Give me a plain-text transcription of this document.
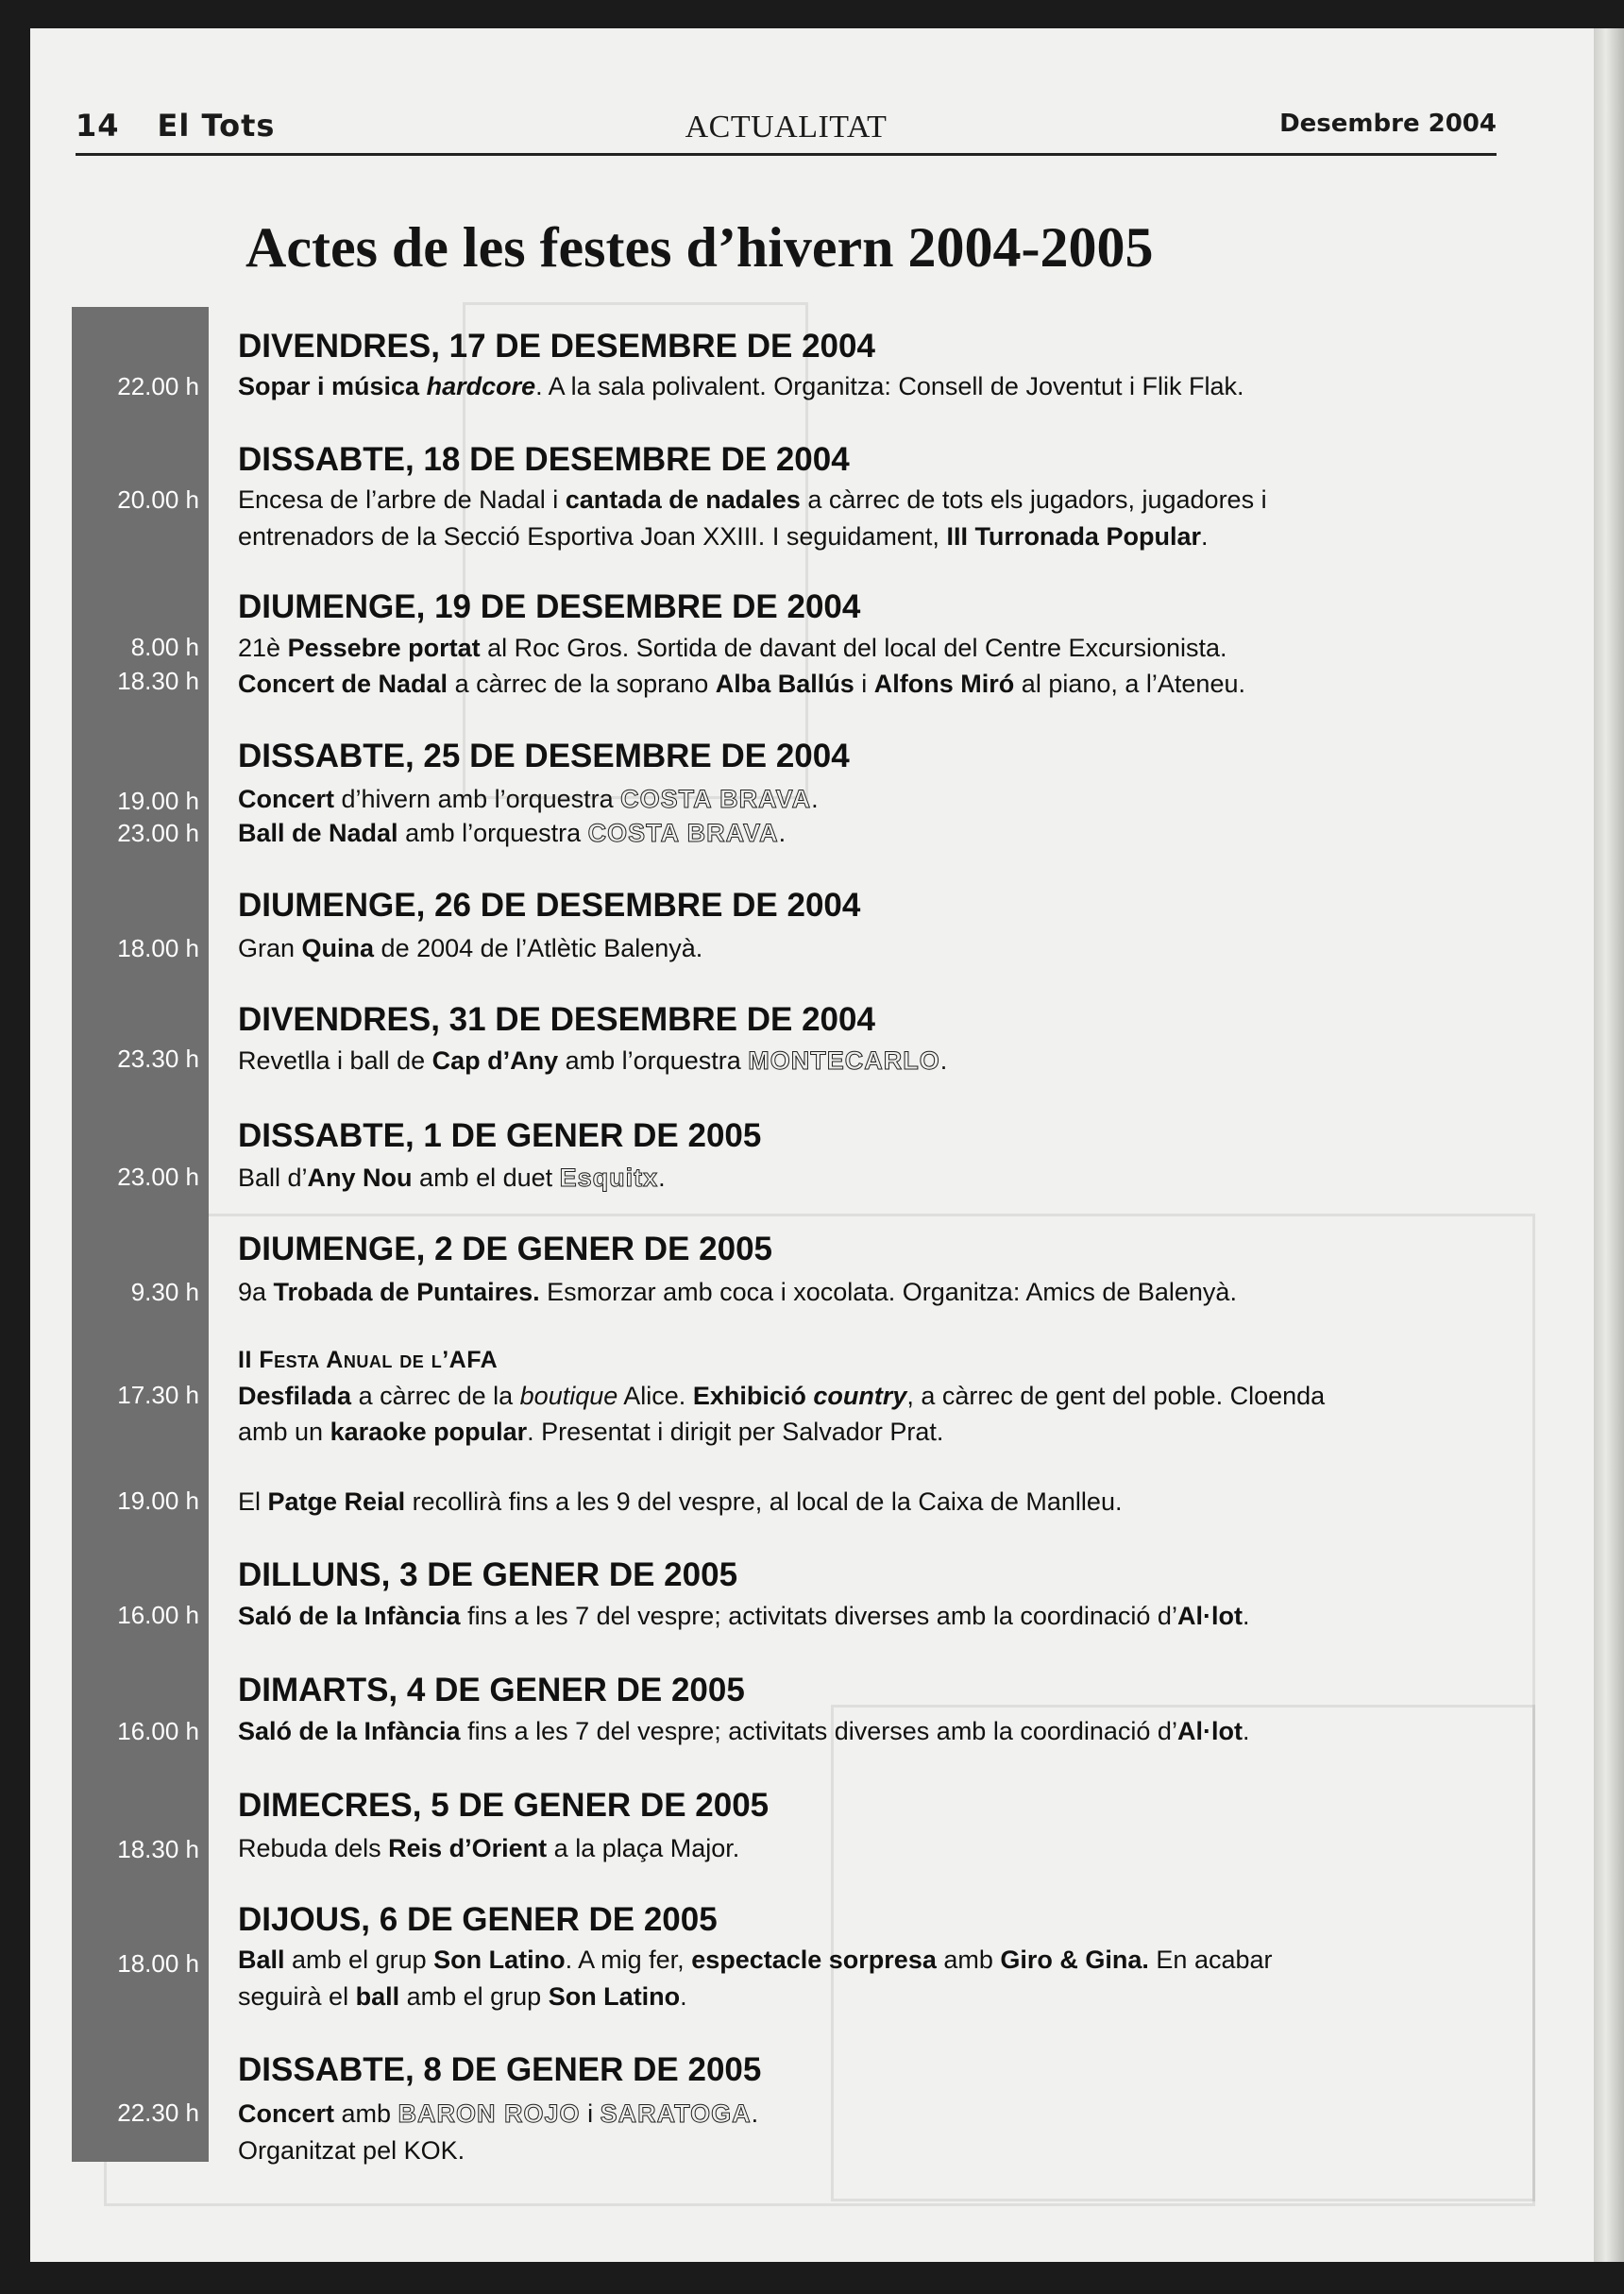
14 El Tots	ACTUALITAT	Desembre 2004
Actes de les festes d’hivern 2004-2005
DIVENDRES, 17 DE DESEMBRE DE 2004
22.00 h Sopar i música hardcore. A la sala polivalent. Organitza: Consell de Joventut i Flik Flak.
DISSABTE, 18 DE DESEMBRE DE 2004
20.00 h Encesa de l’arbre de Nadal i cantada de nadales a càrrec de tots els jugadors, jugadores i
entrenadors de la Secció Esportiva Joan XXIII. I seguidament, III Turronada Popular.
DIUMENGE, 19 DE DESEMBRE DE 2004
8.00 h
18.30 h
21è Pessebre portat al Roc Gros. Sortida de davant del local del Centre Excursionista.
Concert de Nadal a càrrec de la soprano Alba Ballús i Alfons Miró al piano, a l’Ateneu.
DISSABTE, 25 DE DESEMBRE DE 2004
19.00 h
23.00 h
Concert d’hivern amb l’orquestra COSTA BRAVA.
Ball de Nadal amb l’orquestra COSTA BRAVA.
DIUMENGE, 26 DE DESEMBRE DE 2004
18.00 h Gran Quina de 2004 de l’Atlètic Balenyà.
DIVENDRES, 31 DE DESEMBRE DE 2004
23.30 h Revetlla i ball de Cap d’Any amb l’orquestra MONTECARLO.
DISSABTE, 1 DE GENER DE 2005
23.00 h Ball d’Any Nou amb el duet Esquitx.
DIUMENGE, 2 DE GENER DE 2005
9.30 h 9a Trobada de Puntaires. Esmorzar amb coca i xocolata. Organitza: Amics de Balenyà.
II Festa Anual de l’AFA
17.30 h Desfilada a càrrec de la boutique Alice. Exhibició country, a càrrec de gent del poble. Cloenda
amb un karaoke popular. Presentat i dirigit per Salvador Prat.
19.00 h El Patge Reial recollirà fins a les 9 del vespre, al local de la Caixa de Manlleu.
DILLUNS, 3 DE GENER DE 2005
16.00 h Saló de la Infància fins a les 7 del vespre; activitats diverses amb la coordinació d’Al·lot.
DIMARTS, 4 DE GENER DE 2005
16.00 h Saló de la Infància fins a les 7 del vespre; activitats diverses amb la coordinació d’Al·lot.
DIMECRES, 5 DE GENER DE 2005
18.30 h Rebuda dels Reis d’Orient a la plaça Major.
DIJOUS, 6 DE GENER DE 2005
18.00 h Ball amb el grup Son Latino. A mig fer, espectacle sorpresa amb Giro & Gina. En acabar
seguirà el ball amb el grup Son Latino.
DISSABTE, 8 DE GENER DE 2005
22.30 h Concert amb BARON ROJO i SARATOGA.
Organitzat pel KOK.
